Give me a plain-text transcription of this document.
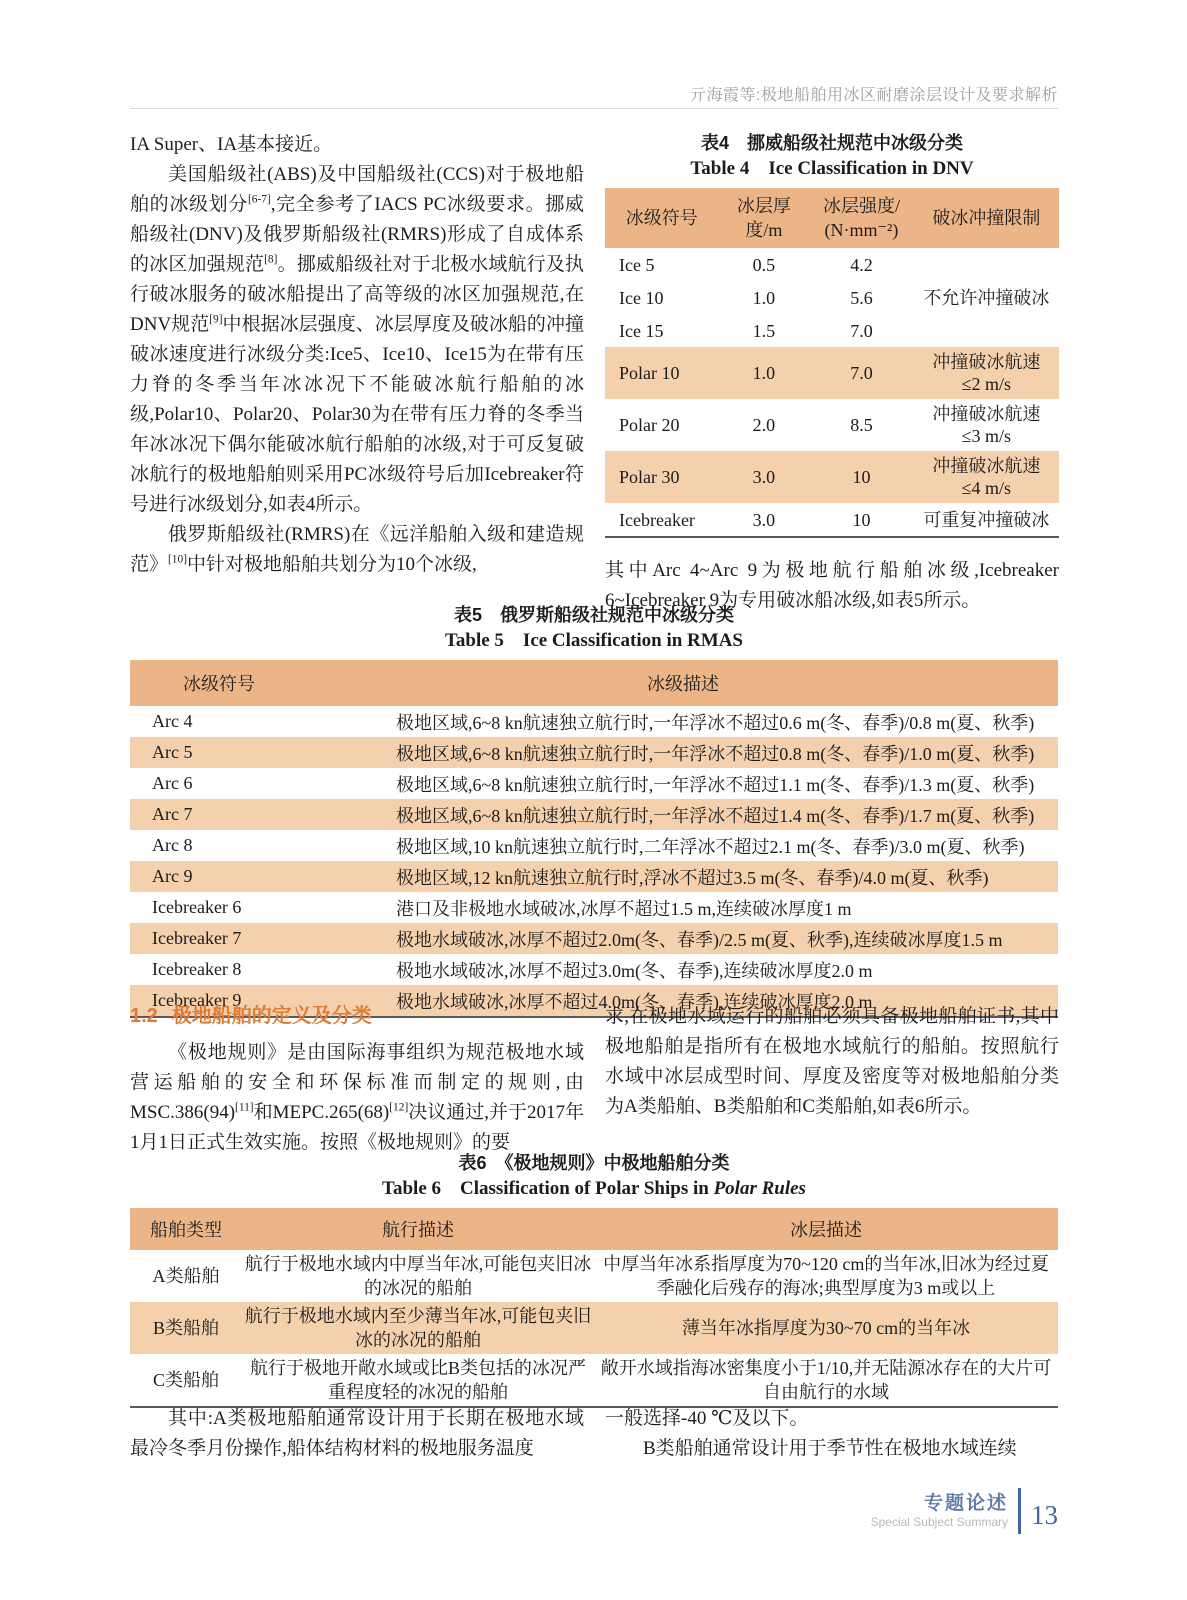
亓海霞等:极地船舶用冰区耐磨涂层设计及要求解析

IA Super、IA基本接近。

美国船级社(ABS)及中国船级社(CCS)对于极地船舶的冰级划分[6-7],完全参考了IACS PC冰级要求。挪威船级社(DNV)及俄罗斯船级社(RMRS)形成了自成体系的冰区加强规范[8]。挪威船级社对于北极水域航行及执行破冰服务的破冰船提出了高等级的冰区加强规范,在DNV规范[9]中根据冰层强度、冰层厚度及破冰船的冲撞破冰速度进行冰级分类:Ice5、Ice10、Ice15为在带有压力脊的冬季当年冰冰况下不能破冰航行船舶的冰级,Polar10、Polar20、Polar30为在带有压力脊的冬季当年冰冰况下偶尔能破冰航行船舶的冰级,对于可反复破冰航行的极地船舶则采用PC冰级符号后加Icebreaker符号进行冰级划分,如表4所示。

俄罗斯船级社(RMRS)在《远洋船舶入级和建造规范》[10]中针对极地船舶共划分为10个冰级,

表4　挪威船级社规范中冰级分类
Table 4　Ice Classification in DNV

冰级符号	冰层厚度/m	冰层强度/
(N·mm⁻²)	破冰冲撞限制

Ice 5	0.5	4.2	不允许冲撞破冰

Ice 10	1.0	5.6	
Ice 15	1.5	7.0	
Polar 10	1.0	7.0	冲撞破冰航速
≤2 m/s

Polar 20	2.0	8.5	冲撞破冰航速
≤3 m/s

Polar 30	3.0	10	冲撞破冰航速
≤4 m/s

Icebreaker	3.0	10	可重复冲撞破冰

其中Arc 4~Arc 9为极地航行船舶冰级,Icebreaker 6~Icebreaker 9为专用破冰船冰级,如表5所示。

表5　俄罗斯船级社规范中冰级分类
Table 5　Ice Classification in RMAS

冰级符号	冰级描述
Arc 4	极地区域,6~8 kn航速独立航行时,一年浮冰不超过0.6 m(冬、春季)/0.8 m(夏、秋季)
Arc 5	极地区域,6~8 kn航速独立航行时,一年浮冰不超过0.8 m(冬、春季)/1.0 m(夏、秋季)
Arc 6	极地区域,6~8 kn航速独立航行时,一年浮冰不超过1.1 m(冬、春季)/1.3 m(夏、秋季)
Arc 7	极地区域,6~8 kn航速独立航行时,一年浮冰不超过1.4 m(冬、春季)/1.7 m(夏、秋季)
Arc 8	极地区域,10 kn航速独立航行时,二年浮冰不超过2.1 m(冬、春季)/3.0 m(夏、秋季)
Arc 9	极地区域,12 kn航速独立航行时,浮冰不超过3.5 m(冬、春季)/4.0 m(夏、秋季)
Icebreaker 6	港口及非极地水域破冰,冰厚不超过1.5 m,连续破冰厚度1 m
Icebreaker 7	极地水域破冰,冰厚不超过2.0m(冬、春季)/2.5 m(夏、秋季),连续破冰厚度1.5 m
Icebreaker 8	极地水域破冰,冰厚不超过3.0m(冬、春季),连续破冰厚度2.0 m
Icebreaker 9	极地水域破冰,冰厚不超过4.0m(冬、春季),连续破冰厚度2.0 m
1.2 极地船舶的定义及分类

《极地规则》是由国际海事组织为规范极地水域营运船舶的安全和环保标准而制定的规则,由MSC.386(94)[11]和MEPC.265(68)[12]决议通过,并于2017年1月1日正式生效实施。按照《极地规则》的要

求,在极地水域运行的船舶必须具备极地船舶证书,其中极地船舶是指所有在极地水域航行的船舶。按照航行水域中冰层成型时间、厚度及密度等对极地船舶分类为A类船舶、B类船舶和C类船舶,如表6所示。

表6　《极地规则》中极地船舶分类
Table 6　Classification of Polar Ships in Polar Rules

船舶类型	航行描述	冰层描述
A类船舶	航行于极地水域内中厚当年冰,可能包夹旧冰的冰况的船舶	中厚当年冰系指厚度为70~120 cm的当年冰,旧冰为经过夏季融化后残存的海冰;典型厚度为3 m或以上
B类船舶	航行于极地水域内至少薄当年冰,可能包夹旧冰的冰况的船舶	薄当年冰指厚度为30~70 cm的当年冰
C类船舶	航行于极地开敞水域或比B类包括的冰况严重程度轻的冰况的船舶	敞开水域指海冰密集度小于1/10,并无陆源冰存在的大片可自由航行的水域

其中:A类极地船舶通常设计用于长期在极地水域最冷冬季月份操作,船体结构材料的极地服务温度

一般选择-40 ℃及以下。

B类船舶通常设计用于季节性在极地水域连续

专题论述
Special Subject Summary 13
